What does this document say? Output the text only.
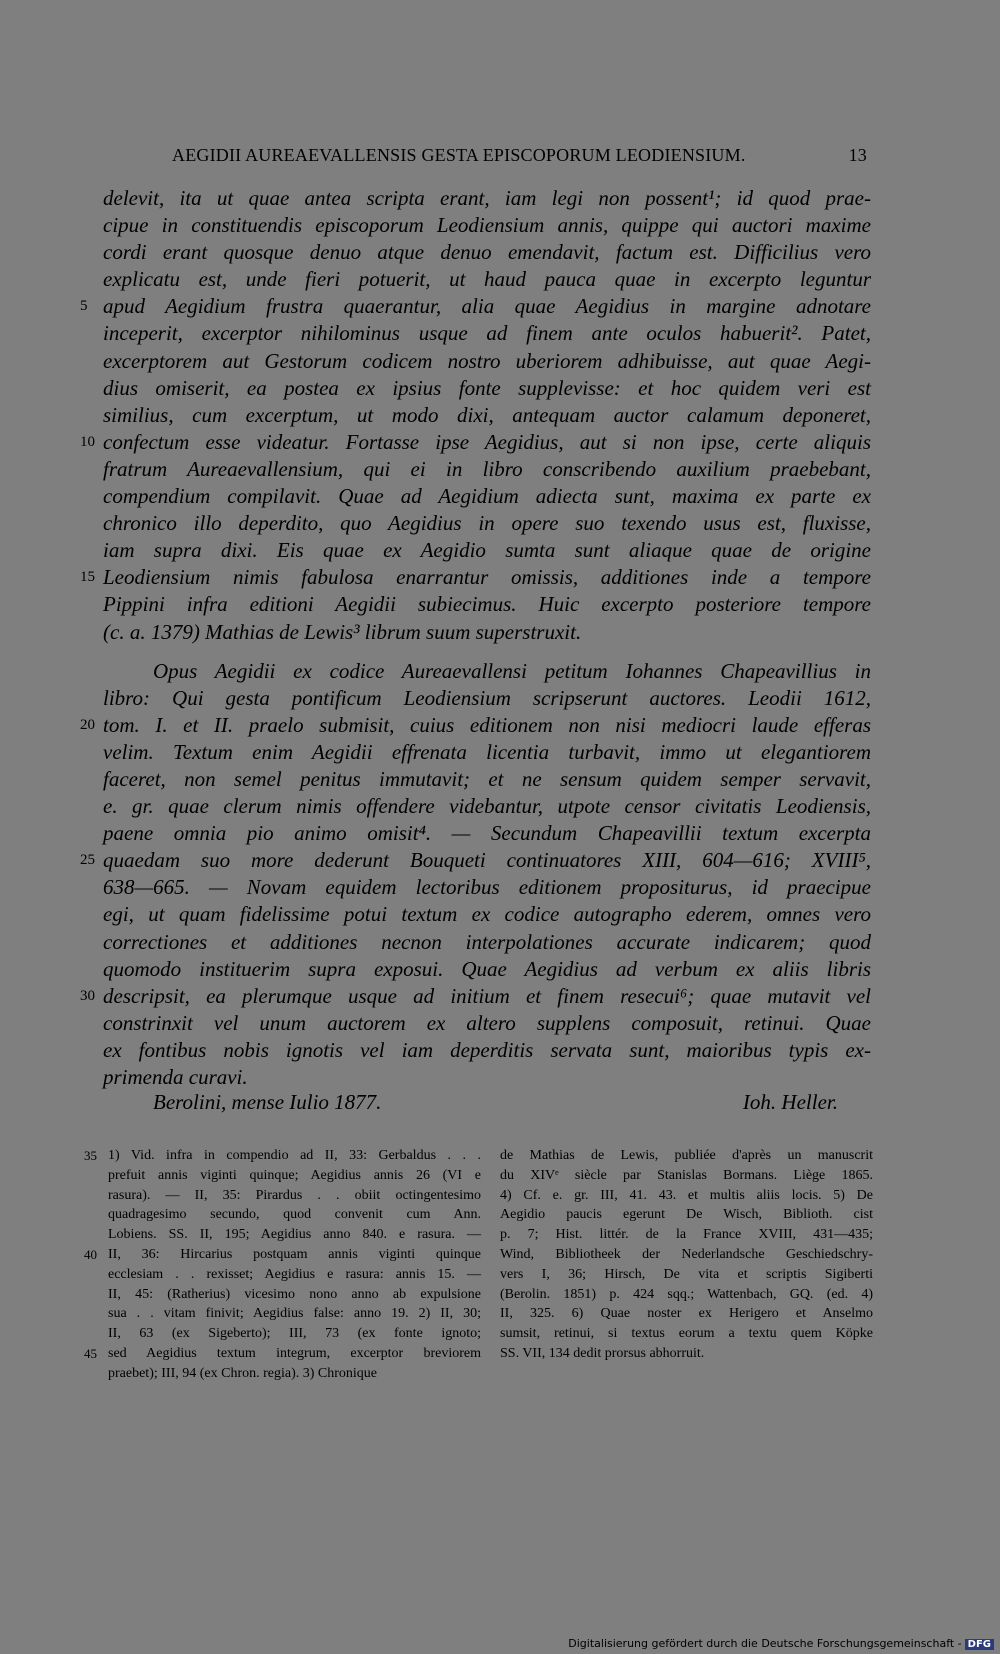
AEGIDII AUREAEVALLENSIS GESTA EPISCOPORUM LEODIENSIUM.	13
delevit, ita ut quae antea scripta erant, iam legi non possent¹; id quod prae-
cipue in constituendis episcoporum Leodiensium annis, quippe qui auctori maxime
cordi erant quosque denuo atque denuo emendavit, factum est. Difficilius vero
explicatu est, unde fieri potuerit, ut haud pauca quae in excerpto leguntur
5 apud Aegidium frustra quaerantur, alia quae Aegidius in margine adnotare
inceperit, excerptor nihilominus usque ad finem ante oculos habuerit². Patet,
excerptorem aut Gestorum codicem nostro uberiorem adhibuisse, aut quae Aegi-
dius omiserit, ea postea ex ipsius fonte supplevisse: et hoc quidem veri est
similius, cum excerptum, ut modo dixi, antequam auctor calamum deponeret,
10 confectum esse videatur. Fortasse ipse Aegidius, aut si non ipse, certe aliquis
fratrum Aureaevallensium, qui ei in libro conscribendo auxilium praebebant,
compendium compilavit. Quae ad Aegidium adiecta sunt, maxima ex parte ex
chronico illo deperdito, quo Aegidius in opere suo texendo usus est, fluxisse,
iam supra dixi. Eis quae ex Aegidio sumta sunt aliaque quae de origine
15 Leodiensium nimis fabulosa enarrantur omissis, additiones inde a tempore
Pippini infra editioni Aegidii subiecimus. Huic excerpto posteriore tempore
(c. a. 1379) Mathias de Lewis³ librum suum superstruxit.
Opus Aegidii ex codice Aureaevallensi petitum Iohannes Chapeavillius in
libro: Qui gesta pontificum Leodiensium scripserunt auctores. Leodii 1612,
20 tom. I. et II. praelo submisit, cuius editionem non nisi mediocri laude efferas
velim. Textum enim Aegidii effrenata licentia turbavit, immo ut elegantiorem
faceret, non semel penitus immutavit; et ne sensum quidem semper servavit,
e. gr. quae clerum nimis offendere videbantur, utpote censor civitatis Leodiensis,
paene omnia pio animo omisit⁴. — Secundum Chapeavillii textum excerpta
25 quaedam suo more dederunt Bouqueti continuatores XIII, 604—616; XVIII⁵,
638—665. — Novam equidem lectoribus editionem propositurus, id praecipue
egi, ut quam fidelissime potui textum ex codice autographo ederem, omnes vero
correctiones et additiones necnon interpolationes accurate indicarem; quod
quomodo instituerim supra exposui. Quae Aegidius ad verbum ex aliis libris
30 descripsit, ea plerumque usque ad initium et finem resecui⁶; quae mutavit vel
constrinxit vel unum auctorem ex altero supplens composuit, retinui. Quae
ex fontibus nobis ignotis vel iam deperditis servata sunt, maioribus typis ex-
primenda curavi.
Berolini, mense Iulio 1877.	Ioh. Heller.
35 1) Vid. infra in compendio ad II, 33: Gerbaldus . . .
prefuit annis viginti quinque; Aegidius annis 26 (VI e
rasura). — II, 35: Pirardus . . obiit octingentesimo
quadragesimo secundo, quod convenit cum Ann.
Lobiens. SS. II, 195; Aegidius anno 840. e rasura. —
40 II, 36: Hircarius postquam annis viginti quinque
ecclesiam . . rexisset; Aegidius e rasura: annis 15. —
II, 45: (Ratherius) vicesimo nono anno ab expulsione
sua . . vitam finivit; Aegidius false: anno 19. 2) II, 30;
II, 63 (ex Sigeberto); III, 73 (ex fonte ignoto;
45 sed Aegidius textum integrum, excerptor breviorem
praebet); III, 94 (ex Chron. regia). 3) Chronique
de Mathias de Lewis, publiée d'après un manuscrit
du XIVᵉ siècle par Stanislas Bormans. Liège 1865.
4) Cf. e. gr. III, 41. 43. et multis aliis locis. 5) De
Aegidio paucis egerunt De Wisch, Biblioth. cist
p. 7; Hist. littér. de la France XVIII, 431—435;
Wind, Bibliotheek der Nederlandsche Geschiedschry-
vers I, 36; Hirsch, De vita et scriptis Sigiberti
(Berolin. 1851) p. 424 sqq.; Wattenbach, GQ. (ed. 4)
II, 325. 6) Quae noster ex Herigero et Anselmo
sumsit, retinui, si textus eorum a textu quem Köpke
SS. VII, 134 dedit prorsus abhorruit.
Digitalisierung gefördert durch die Deutsche Forschungsgemeinschaft - DFG
